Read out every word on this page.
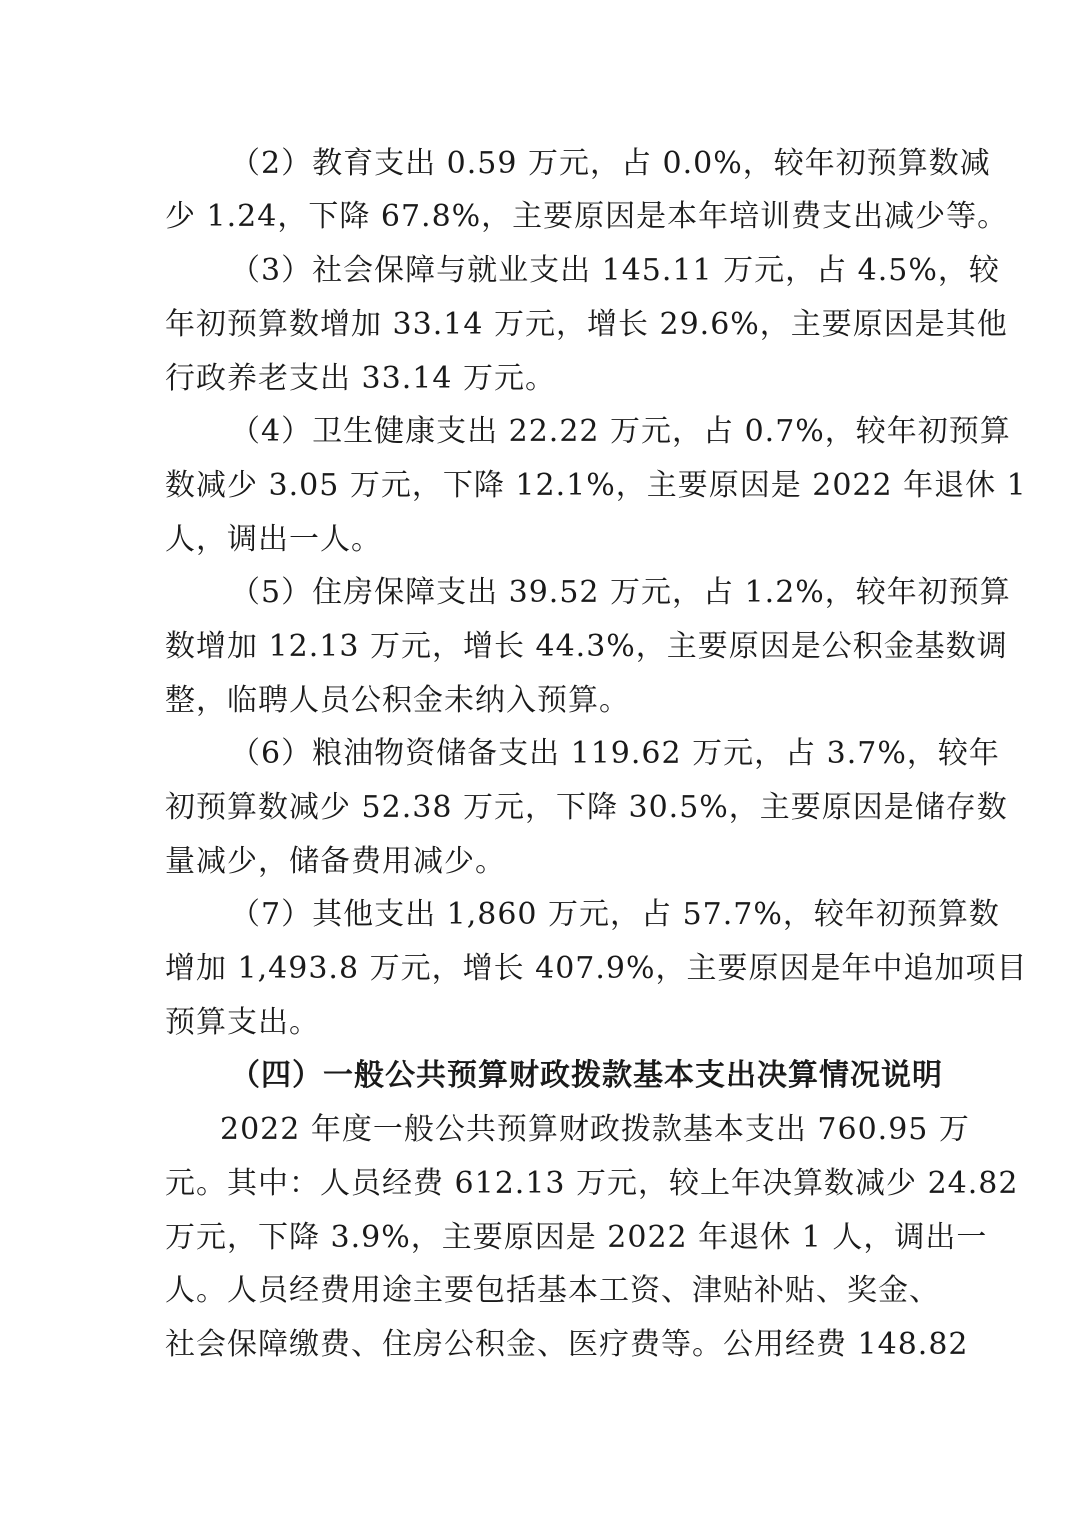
（2）教育支出 0.59 万元，占 0.0%，较年初预算数减
少 1.24，下降 67.8%，主要原因是本年培训费支出减少等。
（3）社会保障与就业支出 145.11 万元，占 4.5%，较
年初预算数增加 33.14 万元，增长 29.6%，主要原因是其他
行政养老支出 33.14 万元。
（4）卫生健康支出 22.22 万元，占 0.7%，较年初预算
数减少 3.05 万元，下降 12.1%，主要原因是 2022 年退休 1
人，调出一人。
（5）住房保障支出 39.52 万元，占 1.2%，较年初预算
数增加 12.13 万元，增长 44.3%，主要原因是公积金基数调
整，临聘人员公积金未纳入预算。
（6）粮油物资储备支出 119.62 万元，占 3.7%，较年
初预算数减少 52.38 万元，下降 30.5%，主要原因是储存数
量减少，储备费用减少。
（7）其他支出 1,860 万元，占 57.7%，较年初预算数
增加 1,493.8 万元，增长 407.9%，主要原因是年中追加项目
预算支出。
（四）一般公共预算财政拨款基本支出决算情况说明
2022 年度一般公共预算财政拨款基本支出 760.95 万
元。其中：人员经费 612.13 万元，较上年决算数减少 24.82
万元，下降 3.9%，主要原因是 2022 年退休 1 人，调出一
人。人员经费用途主要包括基本工资、津贴补贴、奖金、
社会保障缴费、住房公积金、医疗费等。公用经费 148.82
